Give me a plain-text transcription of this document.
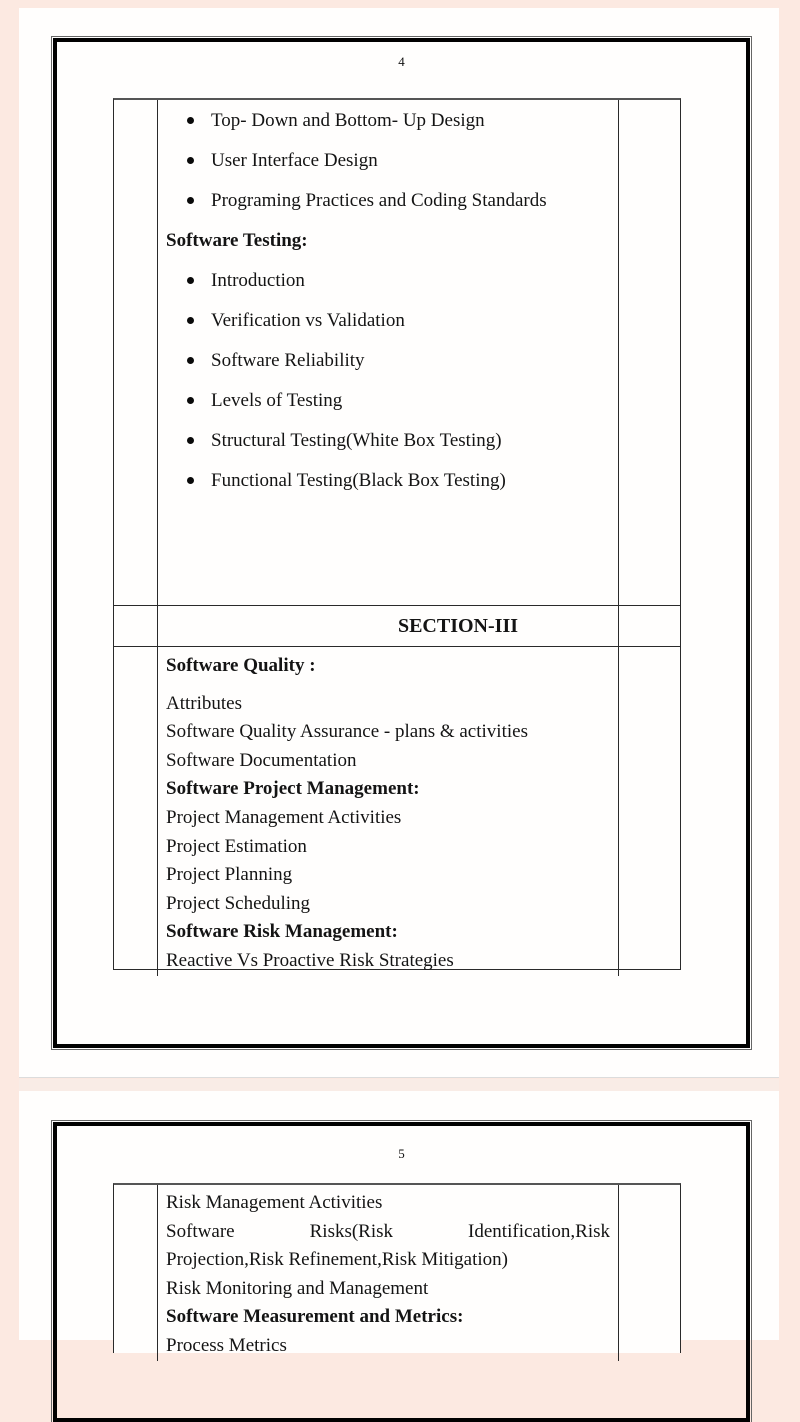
4
Top- Down and Bottom- Up Design
User Interface Design
Programing Practices and Coding Standards
Software Testing:
Introduction
Verification vs Validation
Software Reliability
Levels of Testing
Structural Testing(White Box Testing)
Functional Testing(Black Box Testing)
SECTION-III
Software Quality :
Attributes
Software Quality Assurance - plans & activities
Software Documentation
Software Project Management:
Project Management Activities
Project Estimation
Project Planning
Project Scheduling
Software Risk Management:
Reactive Vs Proactive Risk Strategies
5
Risk Management Activities
Software Risks(Risk Identification,Risk
Projection,Risk Refinement,Risk Mitigation)
Risk Monitoring and Management
Software Measurement and Metrics:
Process Metrics
